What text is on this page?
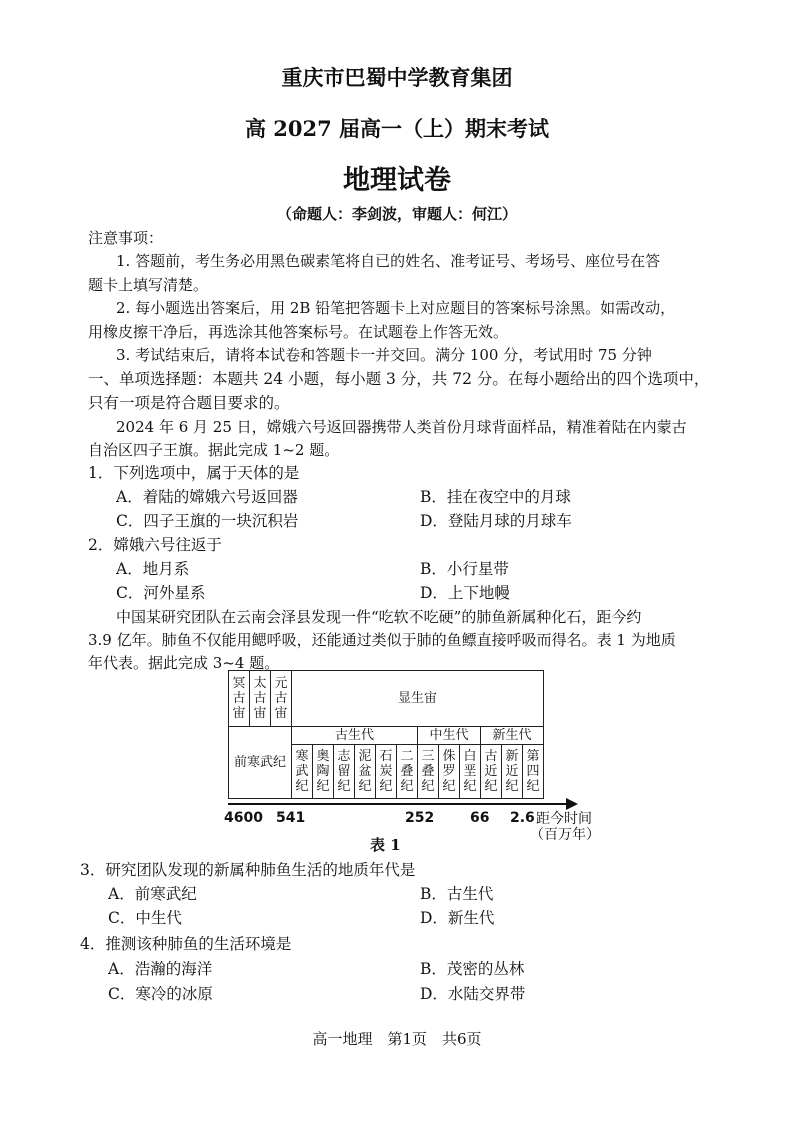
重庆市巴蜀中学教育集团
高 2027 届高一（上）期末考试
地理试卷
（命题人：李剑波，审题人：何江）
注意事项：
1. 答题前，考生务必用黑色碳素笔将自已的姓名、准考证号、考场号、座位号在答
题卡上填写清楚。
2. 每小题选出答案后，用 2B 铅笔把答题卡上对应题目的答案标号涂黑。如需改动，
用橡皮擦干净后，再选涂其他答案标号。在试题卷上作答无效。
3. 考试结束后，请将本试卷和答题卡一并交回。满分 100 分，考试用时 75 分钟
一、单项选择题：本题共 24 小题，每小题 3 分，共 72 分。在每小题给出的四个选项中，
只有一项是符合题目要求的。
2024 年 6 月 25 日，嫦娥六号返回器携带人类首份月球背面样品，精准着陆在内蒙古
自治区四子王旗。据此完成 1~2 题。
1．下列选项中，属于天体的是
A．着陆的嫦娥六号返回器	B．挂在夜空中的月球
C．四子王旗的一块沉积岩	D．登陆月球的月球车
2．嫦娥六号往返于
A．地月系	B．小行星带
C．河外星系	D．上下地幔
中国某研究团队在云南会泽县发现一件“吃软不吃硬”的肺鱼新属种化石，距今约
3.9 亿年。肺鱼不仅能用鳃呼吸，还能通过类似于肺的鱼鳔直接呼吸而得名。表 1 为地质
年代表。据此完成 3~4 题。
冥古宙	太古宙	元古宙	显生宙											
前寒武纪			古生代						中生代			新生代		
			寒武纪	奥陶纪	志留纪	泥盆纪	石炭纪	二叠纪	三叠纪	侏罗纪	白垩纪	古近纪	新近纪	第四纪
4600 541	252	66 2.6 距今时间
（百万年）
表 1
3．研究团队发现的新属种肺鱼生活的地质年代是
A．前寒武纪	B．古生代
C．中生代	D．新生代
4．推测该种肺鱼的生活环境是
A．浩瀚的海洋	B．茂密的丛林
C．寒冷的冰原	D．水陆交界带
高一地理　第1页　共6页
